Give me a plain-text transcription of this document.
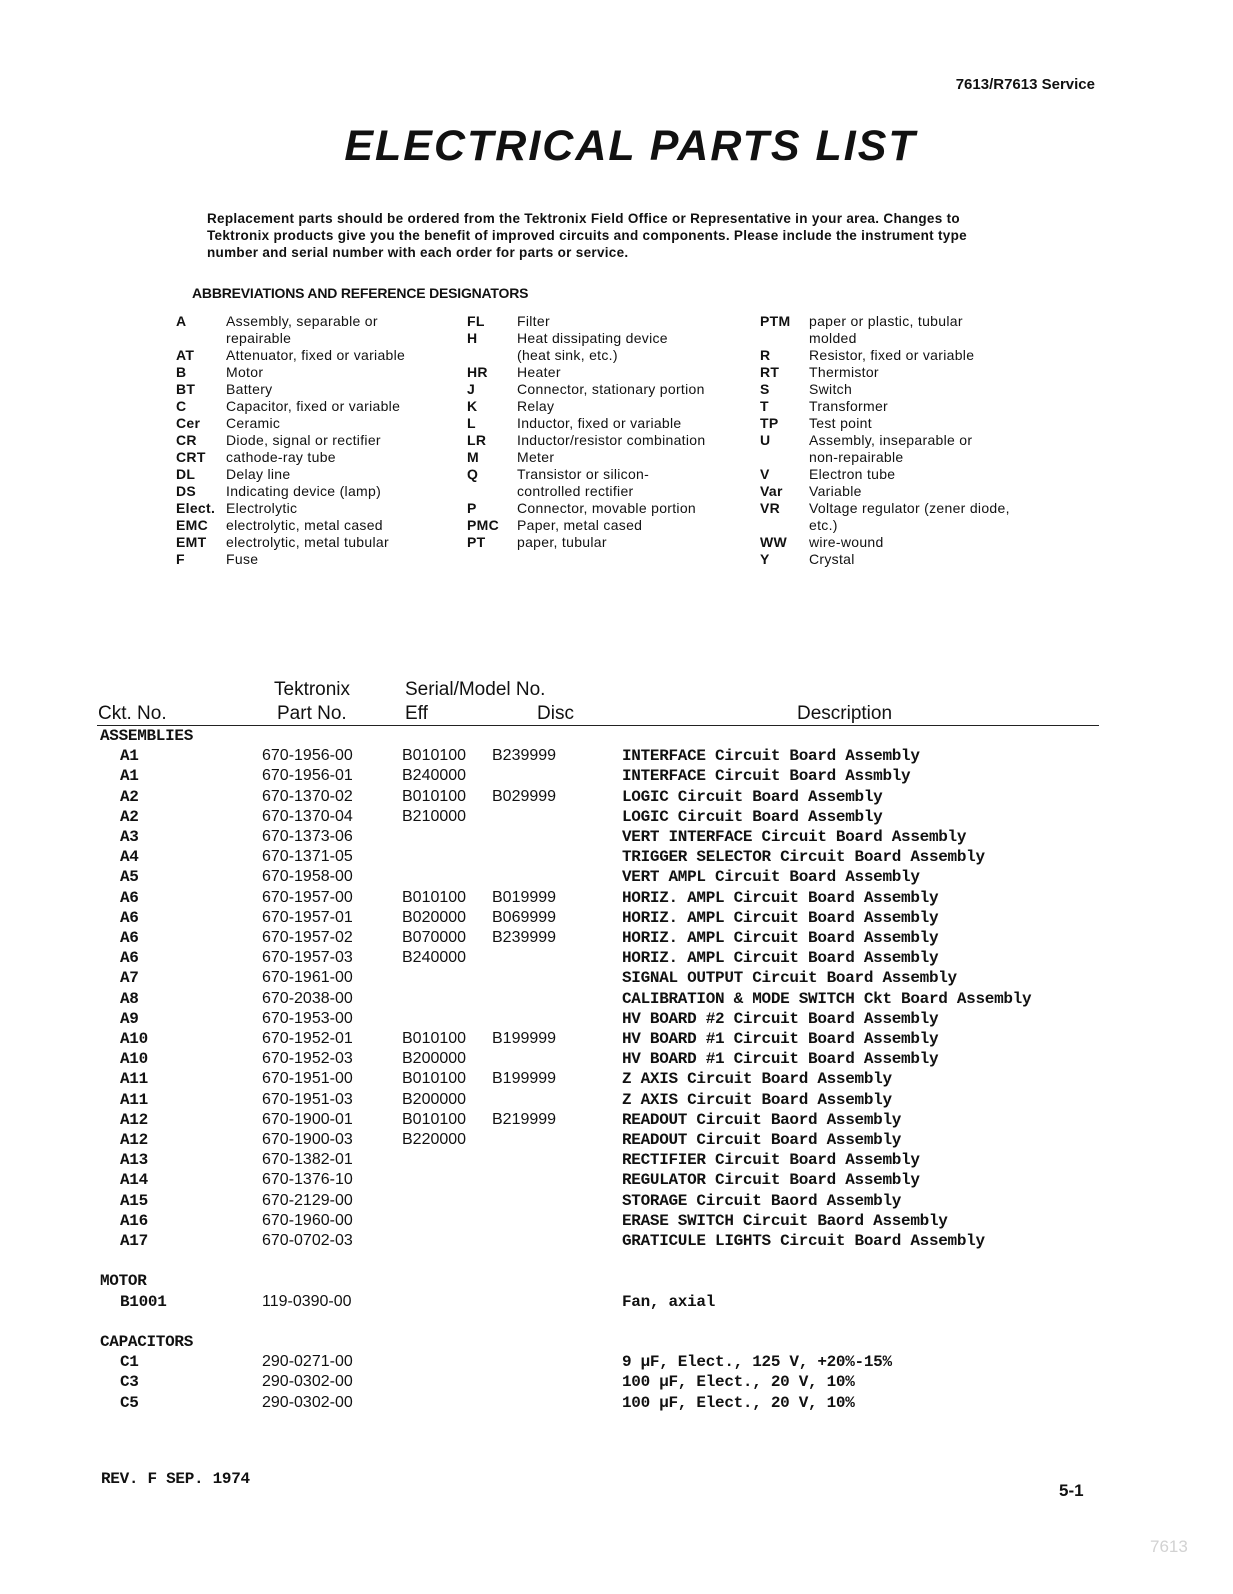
7613/R7613 Service
ELECTRICAL PARTS LIST
Replacement parts should be ordered from the Tektronix Field Office or Representative in your area. Changes to Tektronix products give you the benefit of improved circuits and components. Please include the instrument type number and serial number with each order for parts or service.
ABBREVIATIONS AND REFERENCE DESIGNATORS
A	Assembly, separable or
repairable
AT Attenuator, fixed or variable
B	Motor
BT Battery
C	Capacitor, fixed or variable
Cer Ceramic
CR Diode, signal or rectifier
CRT cathode-ray tube
DL Delay line
DS Indicating device (lamp)
Elect. Electrolytic
EMC electrolytic, metal cased
EMT electrolytic, metal tubular
F	Fuse
FL Filter
H	Heat dissipating device
(heat sink, etc.)
HR Heater
J	Connector, stationary portion
K	Relay
L	Inductor, fixed or variable
LR Inductor/resistor combination
M	Meter
Q	Transistor or silicon-
controlled rectifier
P	Connector, movable portion
PMC Paper, metal cased
PT paper, tubular
PTM paper or plastic, tubular
molded
R	Resistor, fixed or variable
RT Thermistor
S	Switch
T	Transformer
TP Test point
U	Assembly, inseparable or
non-repairable
V	Electron tube
Var Variable
VR Voltage regulator (zener diode,
etc.)
WW wire-wound
Y	Crystal
Tektronix
Part No.
Serial/Model No.
Ckt. No.	Eff	Disc	Description
ASSEMBLIES
A1	670-1956-00	B010100 B239999	INTERFACE Circuit Board Assembly
A1	670-1956-01	B240000	INTERFACE Circuit Board Assmbly
A2	670-1370-02	B010100 B029999	LOGIC Circuit Board Assembly
A2	670-1370-04	B210000	LOGIC Circuit Board Assembly
A3	670-1373-06	VERT INTERFACE Circuit Board Assembly
A4	670-1371-05	TRIGGER SELECTOR Circuit Board Assembly
A5	670-1958-00	VERT AMPL Circuit Board Assembly
A6	670-1957-00	B010100 B019999	HORIZ. AMPL Circuit Board Assembly
A6	670-1957-01	B020000 B069999	HORIZ. AMPL Circuit Board Assembly
A6	670-1957-02	B070000 B239999	HORIZ. AMPL Circuit Board Assembly
A6	670-1957-03	B240000	HORIZ. AMPL Circuit Board Assembly
A7	670-1961-00	SIGNAL OUTPUT Circuit Board Assembly
A8	670-2038-00	CALIBRATION & MODE SWITCH Ckt Board Assembly
A9	670-1953-00	HV BOARD #2 Circuit Board Assembly
A10	670-1952-01	B010100 B199999	HV BOARD #1 Circuit Board Assembly
A10	670-1952-03	B200000	HV BOARD #1 Circuit Board Assembly
A11	670-1951-00	B010100 B199999	Z AXIS Circuit Board Assembly
A11	670-1951-03	B200000	Z AXIS Circuit Board Assembly
A12	670-1900-01	B010100 B219999	READOUT Circuit Baord Assembly
A12	670-1900-03	B220000	READOUT Circuit Board Assembly
A13	670-1382-01	RECTIFIER Circuit Board Assembly
A14	670-1376-10	REGULATOR Circuit Board Assembly
A15	670-2129-00	STORAGE Circuit Baord Assembly
A16	670-1960-00	ERASE SWITCH Circuit Baord Assembly
A17	670-0702-03	GRATICULE LIGHTS Circuit Board Assembly
MOTOR
B1001	119-0390-00	Fan, axial
CAPACITORS
C1	290-0271-00	9 µF, Elect., 125 V, +20%-15%
C3	290-0302-00	100 µF, Elect., 20 V, 10%
C5	290-0302-00	100 µF, Elect., 20 V, 10%
REV. F SEP. 1974
5-1
7613
